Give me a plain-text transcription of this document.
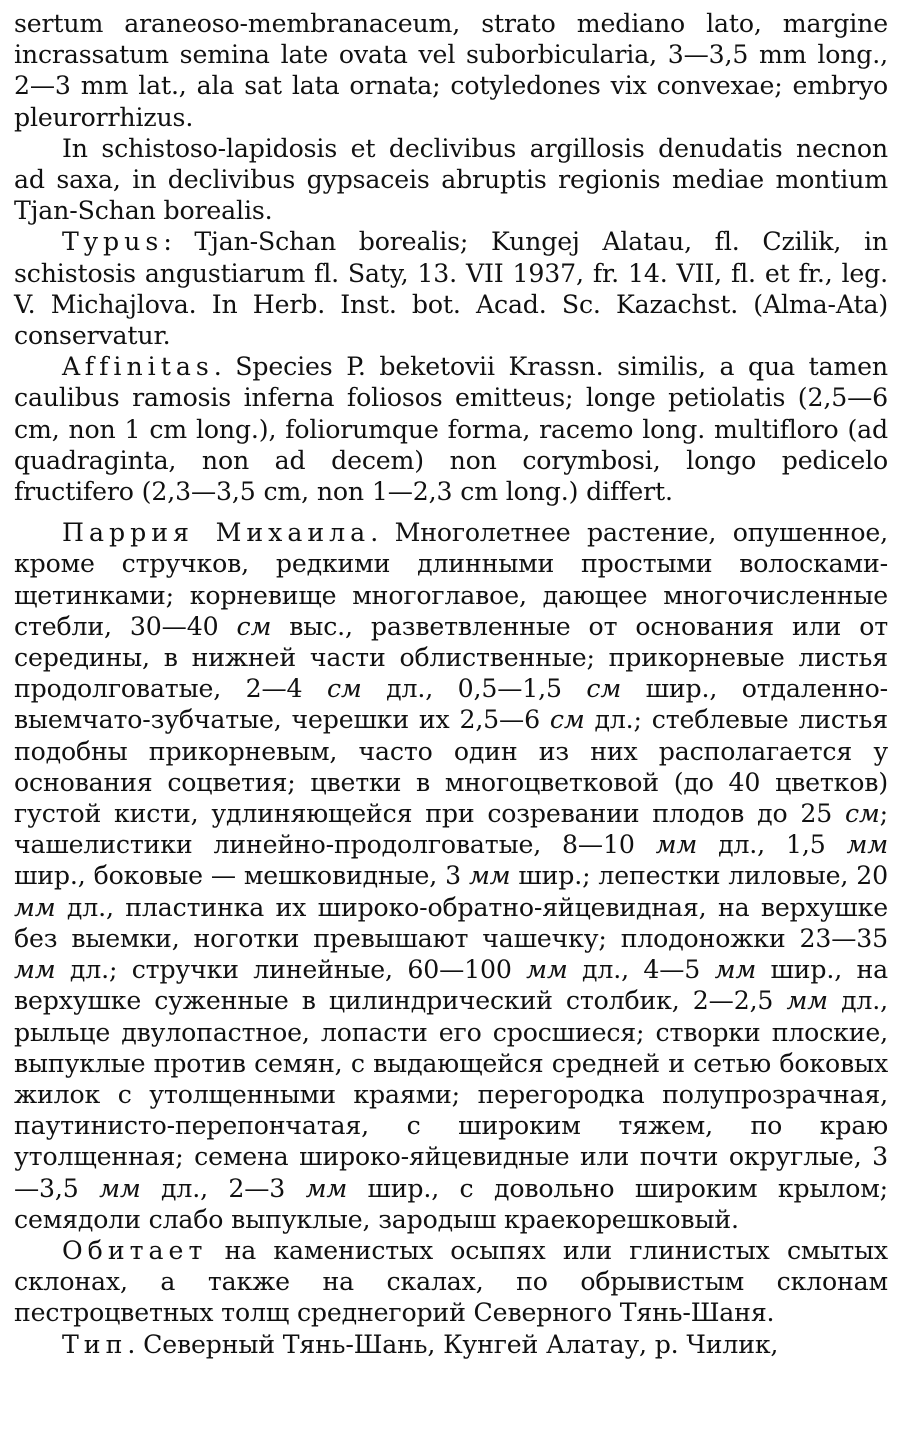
sertum araneoso-membranaceum, strato mediano lato, margine incrassatum semina late ovata vel suborbicularia, 3—3,5 mm long., 2—3 mm lat., ala sat lata ornata; cotyledones vix convexae; embryo pleurorrhizus.

In schistoso-lapidosis et declivibus argillosis denudatis necnon ad saxa, in declivibus gypsaceis abruptis regionis mediae montium Tjan-Schan borealis.

Typus: Tjan-Schan borealis; Kungej Alatau, fl. Czilik, in schistosis angustiarum fl. Saty, 13. VII 1937, fr. 14. VII, fl. et fr., leg. V. Michajlova. In Herb. Inst. bot. Acad. Sc. Kazachst. (Alma-Ata) conservatur.

Affinitas. Species P. beketovii Krassn. similis, a qua tamen caulibus ramosis inferna foliosos emitteus; longe petiolatis (2,5—6 cm, non 1 cm long.), foliorumque forma, racemo long. multifloro (ad quadraginta, non ad decem) non corymbosi, longo pedicelo fructifero (2,3—3,5 cm, non 1—2,3 cm long.) differt.

Паррия Михаила. Многолетнее растение, опушенное, кроме стручков, редкими длинными простыми волосками-щетинками; корневище многоглавое, дающее многочисленные стебли, 30—40 см выс., разветвленные от основания или от середины, в нижней части облиственные; прикорневые листья продолговатые, 2—4 см дл., 0,5—1,5 см шир., отдаленно-выемчато-зубчатые, черешки их 2,5—6 см дл.; стеблевые листья подобны прикорневым, часто один из них располагается у основания соцветия; цветки в многоцветковой (до 40 цветков) густой кисти, удлиняющейся при созревании плодов до 25 см; чашелистики линейно-продолговатые, 8—10 мм дл., 1,5 мм шир., боковые — мешковидные, 3 мм шир.; лепестки лиловые, 20 мм дл., пластинка их широко-обратно-яйцевидная, на верхушке без выемки, ноготки превышают чашечку; плодоножки 23—35 мм дл.; стручки линейные, 60—100 мм дл., 4—5 мм шир., на верхушке суженные в цилиндрический столбик, 2—2,5 мм дл., рыльце двулопастное, лопасти его сросшиеся; створки плоские, выпуклые против семян, с выдающейся средней и сетью боковых жилок с утолщенными краями; перегородка полупрозрачная, паутинисто-перепончатая, с широким тяжем, по краю утолщенная; семена широко-яйцевидные или почти округлые, 3—3,5 мм дл., 2—3 мм шир., с довольно широким крылом; семядоли слабо выпуклые, зародыш краекорешковый.

Обитает на каменистых осыпях или глинистых смытых склонах, а также на скалах, по обрывистым склонам пестроцветных толщ среднегорий Северного Тянь-Шаня.

Тип. Северный Тянь-Шань, Кунгей Алатау, р. Чилик,
